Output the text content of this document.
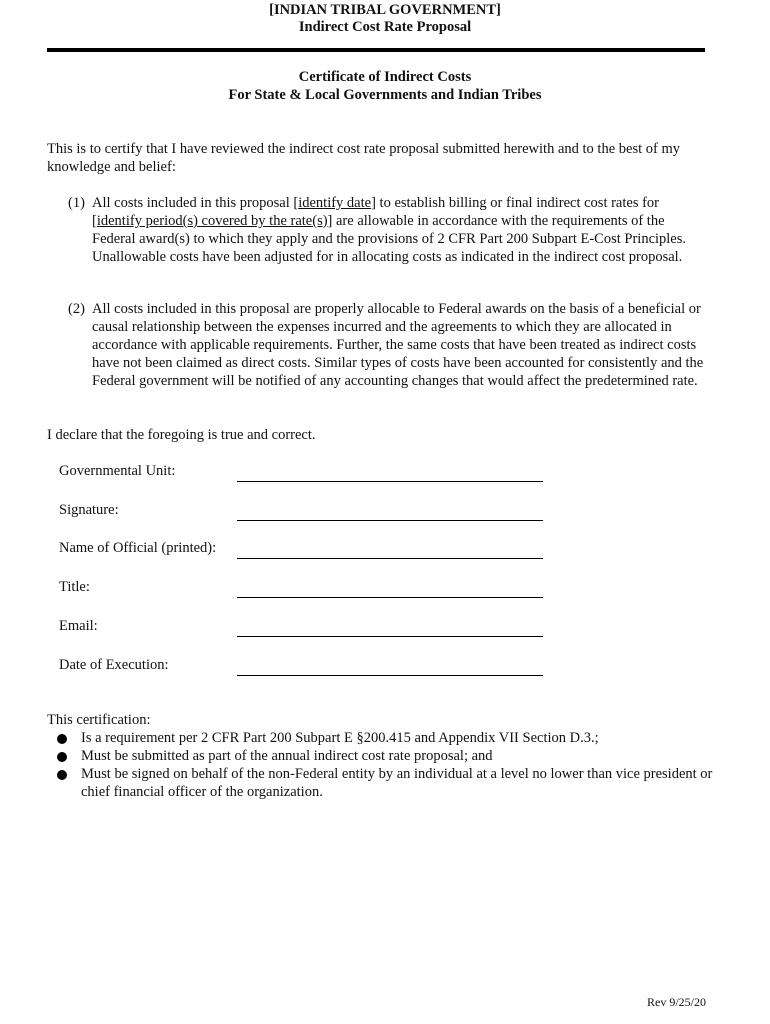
[INDIAN TRIBAL GOVERNMENT]
Indirect Cost Rate Proposal
Certificate of Indirect Costs
For State & Local Governments and Indian Tribes
This is to certify that I have reviewed the indirect cost rate proposal submitted herewith and to the best of my knowledge and belief:
(1) All costs included in this proposal [identify date] to establish billing or final indirect cost rates for [identify period(s) covered by the rate(s)] are allowable in accordance with the requirements of the Federal award(s) to which they apply and the provisions of 2 CFR Part 200 Subpart E-Cost Principles. Unallowable costs have been adjusted for in allocating costs as indicated in the indirect cost proposal.
(2) All costs included in this proposal are properly allocable to Federal awards on the basis of a beneficial or causal relationship between the expenses incurred and the agreements to which they are allocated in accordance with applicable requirements. Further, the same costs that have been treated as indirect costs have not been claimed as direct costs. Similar types of costs have been accounted for consistently and the Federal government will be notified of any accounting changes that would affect the predetermined rate.
I declare that the foregoing is true and correct.
Governmental Unit:
Signature:
Name of Official (printed):
Title:
Email:
Date of Execution:
This certification:
Is a requirement per 2 CFR Part 200 Subpart E §200.415 and Appendix VII Section D.3.;
Must be submitted as part of the annual indirect cost rate proposal; and
Must be signed on behalf of the non-Federal entity by an individual at a level no lower than vice president or chief financial officer of the organization.
Rev 9/25/20
